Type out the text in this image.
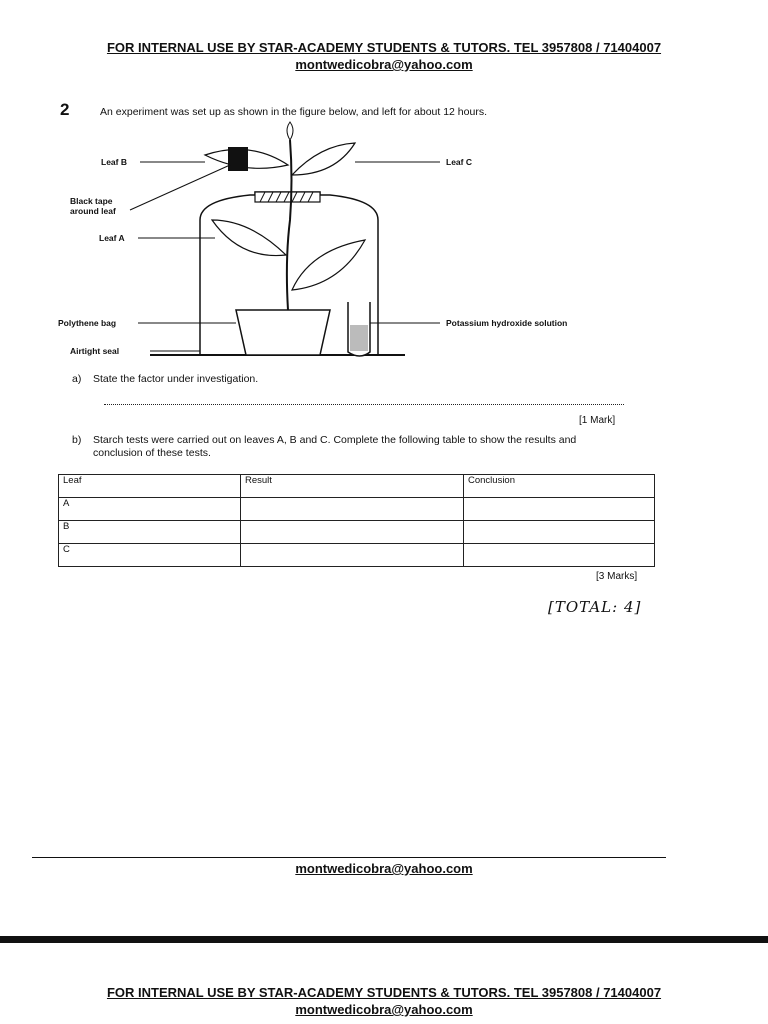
FOR INTERNAL USE BY STAR-ACADEMY STUDENTS & TUTORS. TEL 3957808 / 71404007
montwedicobra@yahoo.com
2	An experiment was set up as shown in the figure below, and left for about 12 hours.
Leaf B	Leaf C
Black tape around leaf
Leaf A
Polythene bag	Potassium hydroxide solution
Airtight seal
a) State the factor under investigation.
[1 Mark]
b) Starch tests were carried out on leaves A, B and C. Complete the following table to show the results and conclusion of these tests.
Leaf	Result	Conclusion
A		
B		
C		
[3 Marks]
[TOTAL: 4]
montwedicobra@yahoo.com
FOR INTERNAL USE BY STAR-ACADEMY STUDENTS & TUTORS. TEL 3957808 / 71404007
montwedicobra@yahoo.com
